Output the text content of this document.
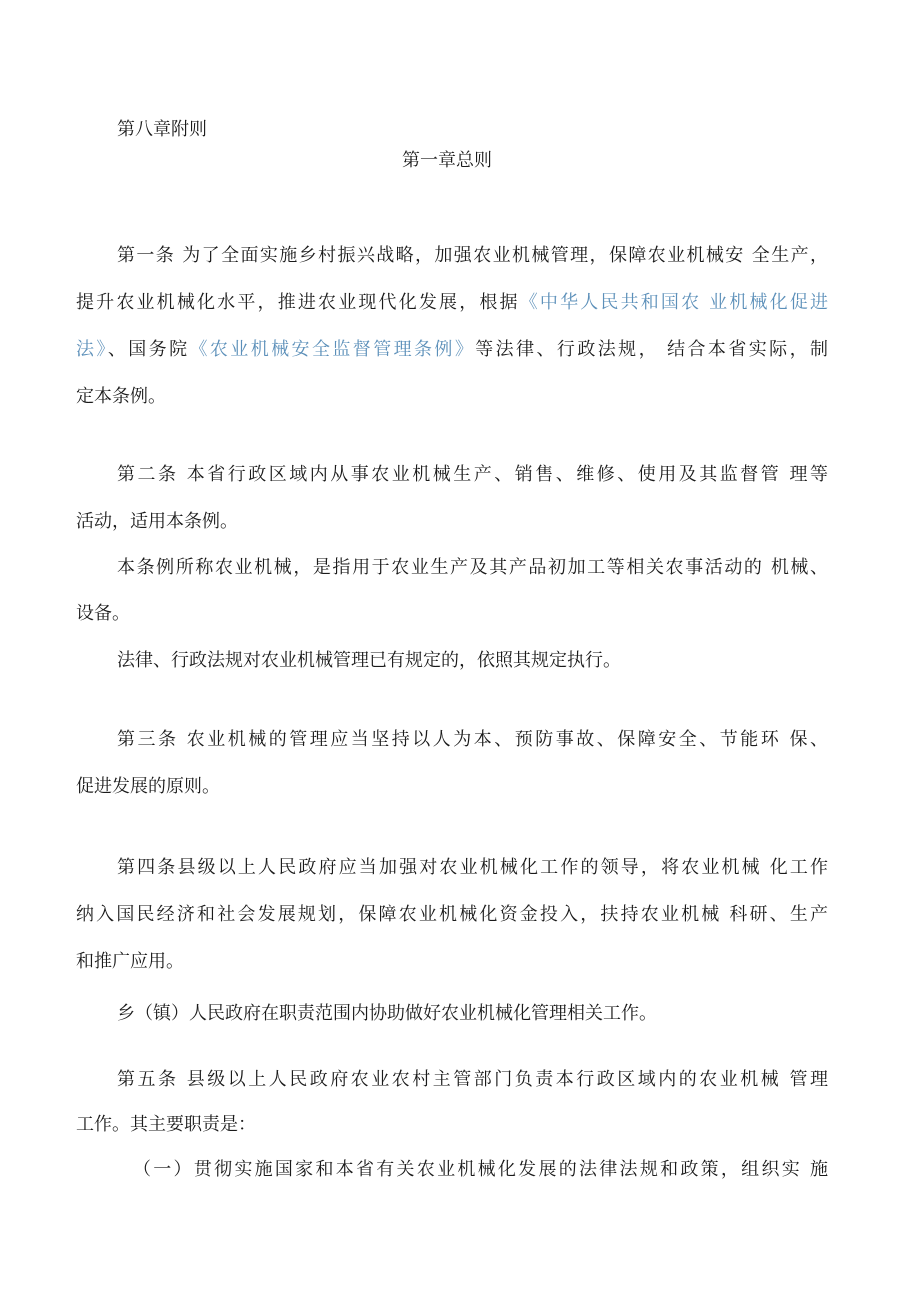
第八章附则
第一章总则
第一条 为了全面实施乡村振兴战略，加强农业机械管理，保障农业机械安 全生产，
提升农业机械化水平，推进农业现代化发展，根据《中华人民共和国农 业机械化促进
法》、国务院《农业机械安全监督管理条例》等法律、行政法规， 结合本省实际，制
定本条例。
第二条 本省行政区域内从事农业机械生产、销售、维修、使用及其监督管 理等
活动，适用本条例。
本条例所称农业机械，是指用于农业生产及其产品初加工等相关农事活动的 机械、
设备。
法律、行政法规对农业机械管理已有规定的，依照其规定执行。
第三条 农业机械的管理应当坚持以人为本、预防事故、保障安全、节能环 保、
促进发展的原则。
第四条县级以上人民政府应当加强对农业机械化工作的领导，将农业机械 化工作
纳入国民经济和社会发展规划，保障农业机械化资金投入，扶持农业机械 科研、生产
和推广应用。
乡（镇）人民政府在职责范围内协助做好农业机械化管理相关工作。
第五条 县级以上人民政府农业农村主管部门负责本行政区域内的农业机械 管理
工作。其主要职责是：
（一）贯彻实施国家和本省有关农业机械化发展的法律法规和政策，组织实 施
